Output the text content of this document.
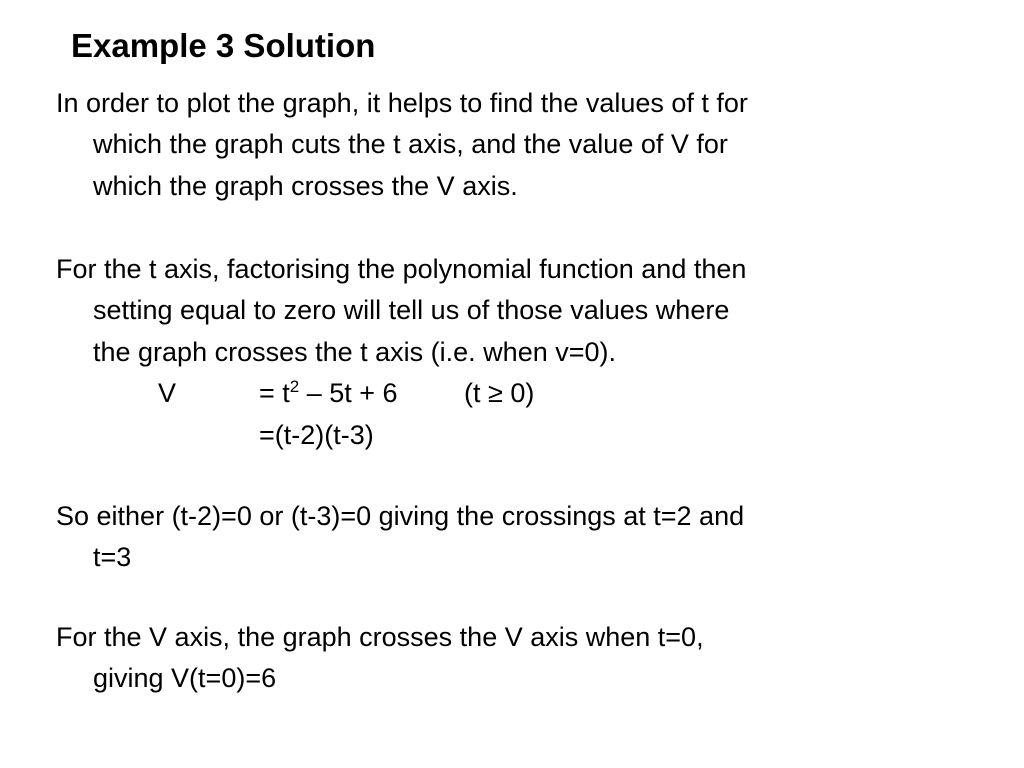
Example 3 Solution

In order to plot the graph, it helps to find the values of t for

which the graph cuts the t axis, and the value of V for

which the graph crosses the V axis.

For the t axis, factorising the polynomial function and then

setting equal to zero will tell us of those values where

the graph crosses the t axis (i.e. when v=0).

V	= $t^2 - 5t + 6$ (t ≥ 0)

=(t-2)(t-3)

So either (t-2)=0 or (t-3)=0 giving the crossings at t=2 and

t=3

For the V axis, the graph crosses the V axis when t=0,

giving V(t=0)=6
